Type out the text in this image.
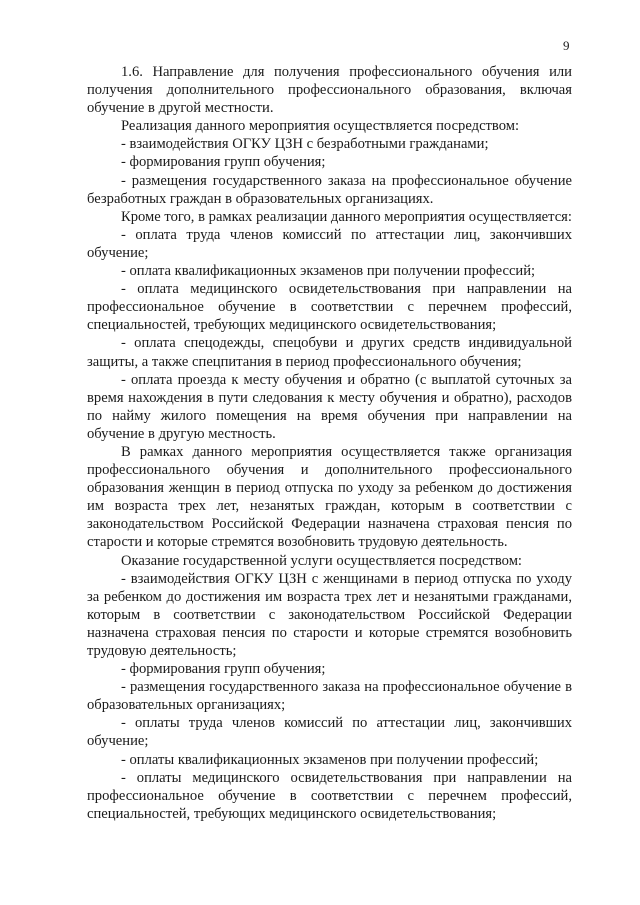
9

1.6. Направление для получения профессионального обучения или получения дополнительного профессионального образования, включая обучение в другой местности.

Реализация данного мероприятия осуществляется посредством:

- взаимодействия ОГКУ ЦЗН с безработными гражданами;

- формирования групп обучения;

- размещения государственного заказа на профессиональное обучение безработных граждан в образовательных организациях.

Кроме того, в рамках реализации данного мероприятия осуществляется:

- оплата труда членов комиссий по аттестации лиц, закончивших обучение;

- оплата квалификационных экзаменов при получении профессий;

- оплата медицинского освидетельствования при направлении на профессиональное обучение в соответствии с перечнем профессий, специальностей, требующих медицинского освидетельствования;

- оплата спецодежды, спецобуви и других средств индивидуальной защиты, а также спецпитания в период профессионального обучения;

- оплата проезда к месту обучения и обратно (с выплатой суточных за время нахождения в пути следования к месту обучения и обратно), расходов по найму жилого помещения на время обучения при направлении на обучение в другую местность.

В рамках данного мероприятия осуществляется также организация профессионального обучения и дополнительного профессионального образования женщин в период отпуска по уходу за ребенком до достижения им возраста трех лет, незанятых граждан, которым в соответствии с законодательством Российской Федерации назначена страховая пенсия по старости и которые стремятся возобновить трудовую деятельность.

Оказание государственной услуги осуществляется посредством:

- взаимодействия ОГКУ ЦЗН с женщинами в период отпуска по уходу за ребенком до достижения им возраста трех лет и незанятыми гражданами, которым в соответствии с законодательством Российской Федерации назначена страховая пенсия по старости и которые стремятся возобновить трудовую деятельность;

- формирования групп обучения;

- размещения государственного заказа на профессиональное обучение в образовательных организациях;

- оплаты труда членов комиссий по аттестации лиц, закончивших обучение;

- оплаты квалификационных экзаменов при получении профессий;

- оплаты медицинского освидетельствования при направлении на профессиональное обучение в соответствии с перечнем профессий, специальностей, требующих медицинского освидетельствования;
